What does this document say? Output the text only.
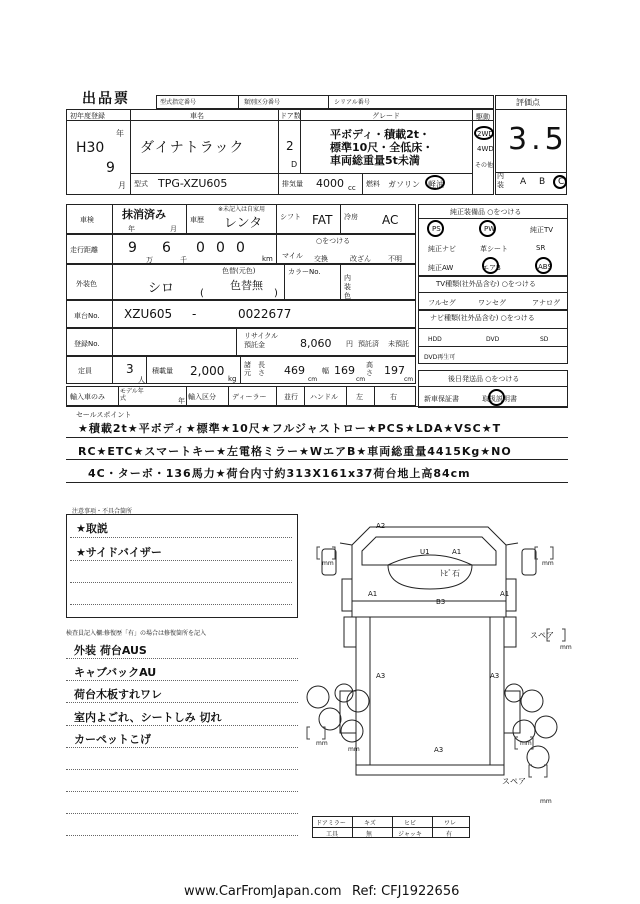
出品票	型式指定番号	類別区分番号	シリアル番号	評価点
3.5
内装	A B C
初年度登録
H30
年
9
月
車名
ダイナトラック
ドア数
2
D
グレード
平ボディ・積載2t・
標準10尺・全低床・
車両総重量5t未満
駆動
2WD
4WD
その他
型式 TPG-XZU605	排気量 4000 cc 燃料 ガソリン 軽油
車検	抹消済み
年	月
※未記入は自家用
車歴 レンタ	シフト FAT 冷房 AC
純正装備品 ○をつける
PS	PW	純正TV
純正ナビ	革シート	SR
純正AW	エアB	ABS
走行距離 9
万
6
千
0 0 0
km
○をつける
マイル 交換	改ざん 不明
外装色	シロ
色替(元色)
色替無
(	)
カラーNo.
内装色
TV種類(社外品含む) ○をつける
フルセグ	ワンセグ	アナログ
ナビ種類(社外品含む) ○をつける
HDD	DVD	SD
DVD再生可
車台No. XZU605 -	0022677
登録No.
リサイクル預託金	8,060 円 預託済 未預託
定員	3
人
積載量 2,000
kg
諸元
長さ 469
cm
幅 169
cm
高さ 197
cm	後日発送品 ○をつける
新車保証書	取扱説明書
輸入車のみ
モデル年式	年 輸入区分 ディーラー	並行 ハンドル	左	右
セールスポイント
★積載2t★平ボディ★標準★10尺★フルジャストロー★PCS★LDA★VSC★T
RC★ETC★スマートキー★左電格ミラー★WエアB★車両総重量4415Kg★NO
4C・ターボ・136馬力★荷台内寸約313X161x37荷台地上高84cm
注意事項・不具合箇所
★取説
★サイドバイザー
検査員記入欄:修復歴「有」の場合は修復箇所を記入
外装 荷台AUS
キャブバックAU
荷台木板すれワレ
室内よごれ、シートしみ 切れ
カーペットこげ
A2
U1	A1
ﾄﾋﾞ石
A1
B3
A1
A3	A3
A3
mm	mm
mm
mm
mm
mm
mm
スペア
スペア
ドアミラー	キズ	ヒビ	ワレ
工具	無	ジャッキ	有
www.CarFromJapan.com Ref: CFJ1922656
